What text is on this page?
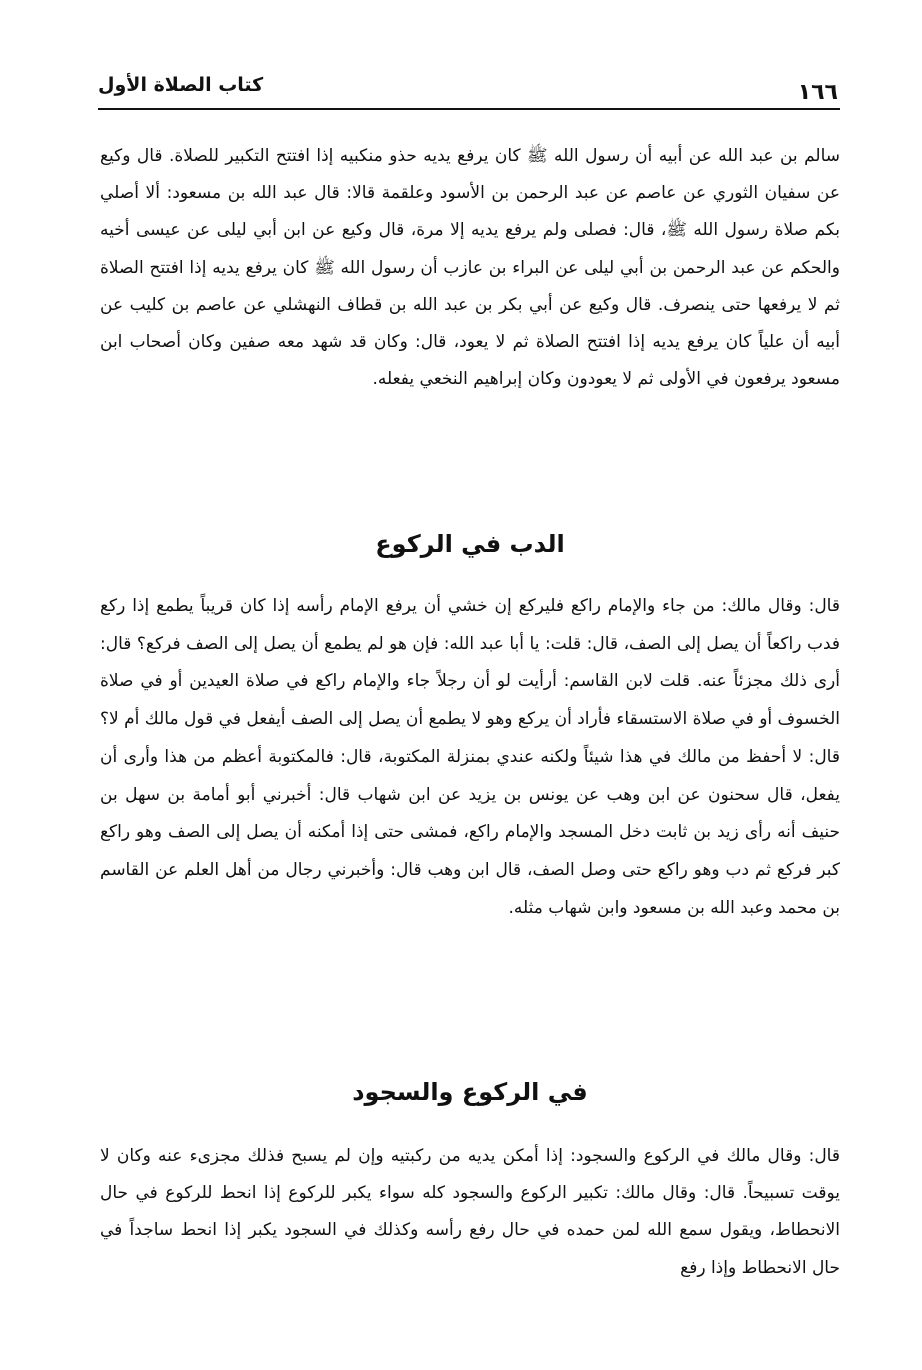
كتاب الصلاة الأول	١٦٦

سالم بن عبد الله عن أبيه أن رسول الله ﷺ كان يرفع يديه حذو منكبيه إذا افتتح التكبير للصلاة. قال وكيع عن سفيان الثوري عن عاصم عن عبد الرحمن بن الأسود وعلقمة قالا: قال عبد الله بن مسعود: ألا أصلي بكم صلاة رسول الله ﷺ، قال: فصلى ولم يرفع يديه إلا مرة، قال وكيع عن ابن أبي ليلى عن عيسى أخيه والحكم عن عبد الرحمن بن أبي ليلى عن البراء بن عازب أن رسول الله ﷺ كان يرفع يديه إذا افتتح الصلاة ثم لا يرفعها حتى ينصرف. قال وكيع عن أبي بكر بن عبد الله بن قطاف النهشلي عن عاصم بن كليب عن أبيه أن علياً كان يرفع يديه إذا افتتح الصلاة ثم لا يعود، قال: وكان قد شهد معه صفين وكان أصحاب ابن مسعود يرفعون في الأولى ثم لا يعودون وكان إبراهيم النخعي يفعله.

الدب في الركوع

قال: وقال مالك: من جاء والإمام راكع فليركع إن خشي أن يرفع الإمام رأسه إذا كان قريباً يطمع إذا ركع فدب راكعاً أن يصل إلى الصف، قال: قلت: يا أبا عبد الله: فإن هو لم يطمع أن يصل إلى الصف فركع؟ قال: أرى ذلك مجزئاً عنه. قلت لابن القاسم: أرأيت لو أن رجلاً جاء والإمام راكع في صلاة العيدين أو في صلاة الخسوف أو في صلاة الاستسقاء فأراد أن يركع وهو لا يطمع أن يصل إلى الصف أيفعل في قول مالك أم لا؟ قال: لا أحفظ من مالك في هذا شيئاً ولكنه عندي بمنزلة المكتوبة، قال: فالمكتوبة أعظم من هذا وأرى أن يفعل، قال سحنون عن ابن وهب عن يونس بن يزيد عن ابن شهاب قال: أخبرني أبو أمامة بن سهل بن حنيف أنه رأى زيد بن ثابت دخل المسجد والإمام راكع، فمشى حتى إذا أمكنه أن يصل إلى الصف وهو راكع كبر فركع ثم دب وهو راكع حتى وصل الصف، قال ابن وهب قال: وأخبرني رجال من أهل العلم عن القاسم بن محمد وعبد الله بن مسعود وابن شهاب مثله.

في الركوع والسجود

قال: وقال مالك في الركوع والسجود: إذا أمكن يديه من ركبتيه وإن لم يسبح فذلك مجزىء عنه وكان لا يوقت تسبيحاً. قال: وقال مالك: تكبير الركوع والسجود كله سواء يكبر للركوع إذا انحط للركوع في حال الانحطاط، ويقول سمع الله لمن حمده في حال رفع رأسه وكذلك في السجود يكبر إذا انحط ساجداً في حال الانحطاط وإذا رفع
